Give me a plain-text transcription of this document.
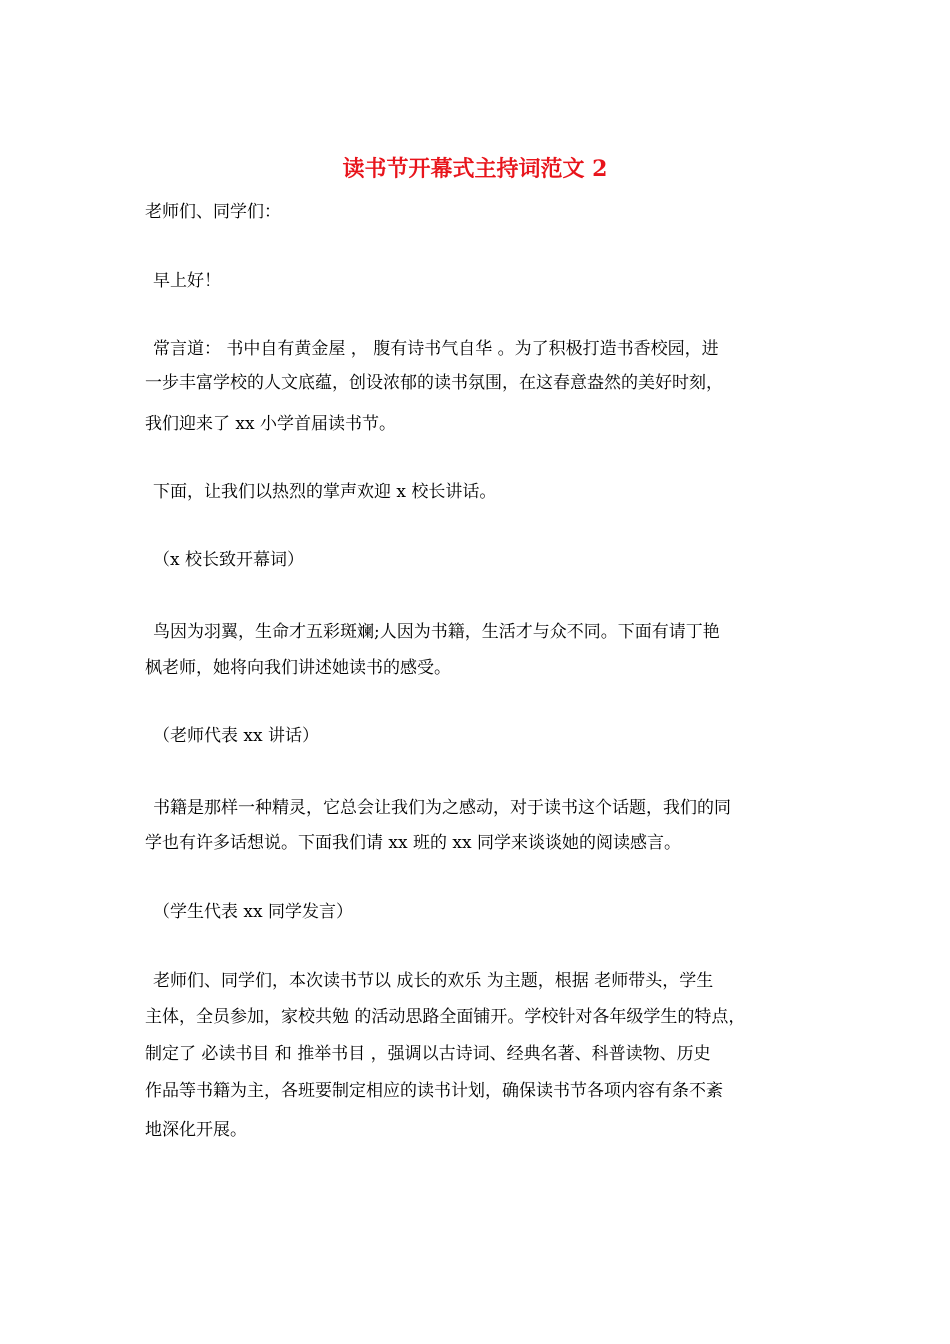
读书节开幕式主持词范文 2
老师们、同学们：
早上好！
常言道： 书中自有黄金屋 ， 腹有诗书气自华 。为了积极打造书香校园，进
一步丰富学校的人文底蕴，创设浓郁的读书氛围，在这春意盎然的美好时刻，
我们迎来了 xx 小学首届读书节。
下面，让我们以热烈的掌声欢迎 x 校长讲话。
（x 校长致开幕词）
鸟因为羽翼，生命才五彩斑斓;人因为书籍，生活才与众不同。下面有请丁艳
枫老师，她将向我们讲述她读书的感受。
（老师代表 xx 讲话）
书籍是那样一种精灵，它总会让我们为之感动，对于读书这个话题，我们的同
学也有许多话想说。下面我们请 xx 班的 xx 同学来谈谈她的阅读感言。
（学生代表 xx 同学发言）
老师们、同学们，本次读书节以 成长的欢乐 为主题，根据 老师带头，学生
主体，全员参加，家校共勉 的活动思路全面铺开。学校针对各年级学生的特点，
制定了 必读书目 和 推举书目 ，强调以古诗词、经典名著、科普读物、历史
作品等书籍为主，各班要制定相应的读书计划，确保读书节各项内容有条不紊
地深化开展。
